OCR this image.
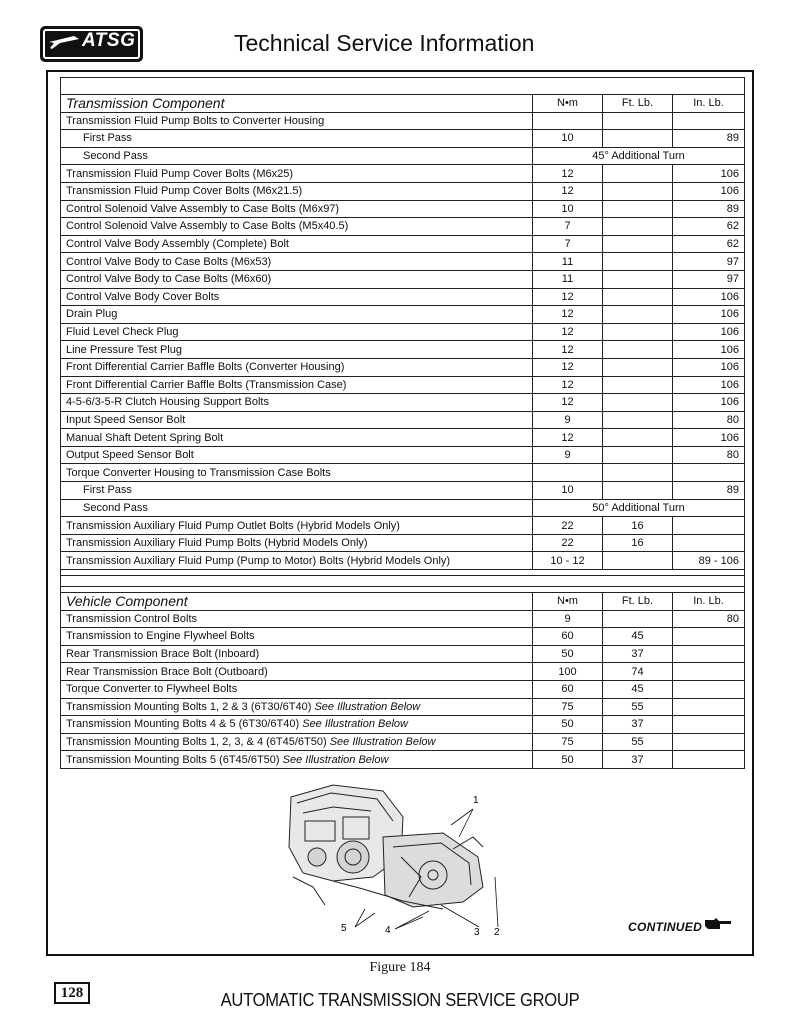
ATSG	Technical Service Information

Transmission Component	N•m	Ft. Lb.	In. Lb.
Transmission Fluid Pump Bolts to Converter Housing			
First Pass	10		89
Second Pass	45° Additional Turn		
Transmission Fluid Pump Cover Bolts (M6x25)	12		106
Transmission Fluid Pump Cover Bolts (M6x21.5)	12		106
Control Solenoid Valve Assembly to Case Bolts (M6x97)	10		89
Control Solenoid Valve Assembly to Case Bolts (M5x40.5)	7		62
Control Valve Body Assembly (Complete) Bolt	7		62
Control Valve Body to Case Bolts (M6x53)	11		97
Control Valve Body to Case Bolts (M6x60)	11		97
Control Valve Body Cover Bolts	12		106
Drain Plug	12		106
Fluid Level Check Plug	12		106
Line Pressure Test Plug	12		106
Front Differential Carrier Baffle Bolts (Converter Housing)	12		106
Front Differential Carrier Baffle Bolts (Transmission Case)	12		106
4-5-6/3-5-R Clutch Housing Support Bolts	12		106
Input Speed Sensor Bolt	9		80
Manual Shaft Detent Spring Bolt	12		106
Output Speed Sensor Bolt	9		80
Torque Converter Housing to Transmission Case Bolts			
First Pass	10		89
Second Pass	50° Additional Turn		
Transmission Auxiliary Fluid Pump Outlet Bolts (Hybrid Models Only)	22	16	
Transmission Auxiliary Fluid Pump Bolts (Hybrid Models Only)	22	16	
Transmission Auxiliary Fluid Pump (Pump to Motor) Bolts (Hybrid Models Only)	10 - 12		89 - 106

Vehicle Component	N•m	Ft. Lb.	In. Lb.
Transmission Control Bolts	9		80
Transmission to Engine Flywheel Bolts	60	45	
Rear Transmission Brace Bolt (Inboard)	50	37	
Rear Transmission Brace Bolt (Outboard)	100	74	
Torque Converter to Flywheel Bolts	60	45	
Transmission Mounting Bolts 1, 2 & 3 (6T30/6T40) See Illustration Below	75	55	
Transmission Mounting Bolts 4 & 5 (6T30/6T40) See Illustration Below	50	37	
Transmission Mounting Bolts 1, 2, 3, & 4 (6T45/6T50) See Illustration Below	75	55	
Transmission Mounting Bolts 5 (6T45/6T50) See Illustration Below	50	37	
1
2
3
4
5	CONTINUED
Figure 184
128	AUTOMATIC TRANSMISSION SERVICE GROUP
